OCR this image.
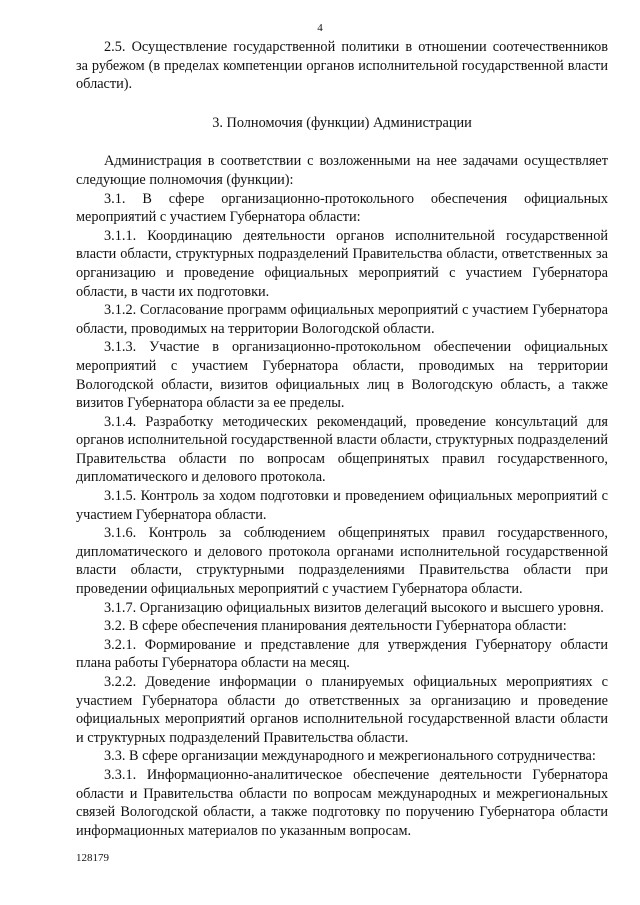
4

2.5. Осуществление государственной политики в отношении соотечественников за рубежом (в пределах компетенции органов исполнительной государственной власти области).

3. Полномочия (функции) Администрации

Администрация в соответствии с возложенными на нее задачами осуществляет следующие полномочия (функции):

3.1. В сфере организационно-протокольного обеспечения официальных мероприятий с участием Губернатора области:

3.1.1. Координацию деятельности органов исполнительной государственной власти области, структурных подразделений Правительства области, ответственных за организацию и проведение официальных мероприятий с участием Губернатора области, в части их подготовки.

3.1.2. Согласование программ официальных мероприятий с участием Губернатора области, проводимых на территории Вологодской области.

3.1.3. Участие в организационно-протокольном обеспечении официальных мероприятий с участием Губернатора области, проводимых на территории Вологодской области, визитов официальных лиц в Вологодскую область, а также визитов Губернатора области за ее пределы.

3.1.4. Разработку методических рекомендаций, проведение консультаций для органов исполнительной государственной власти области, структурных подразделений Правительства области по вопросам общепринятых правил государственного, дипломатического и делового протокола.

3.1.5. Контроль за ходом подготовки и проведением официальных мероприятий с участием Губернатора области.

3.1.6. Контроль за соблюдением общепринятых правил государственного, дипломатического и делового протокола органами исполнительной государственной власти области, структурными подразделениями Правительства области при проведении официальных мероприятий с участием Губернатора области.

3.1.7. Организацию официальных визитов делегаций высокого и высшего уровня.

3.2. В сфере обеспечения планирования деятельности Губернатора области:

3.2.1. Формирование и представление для утверждения Губернатору области плана работы Губернатора области на месяц.

3.2.2. Доведение информации о планируемых официальных мероприятиях с участием Губернатора области до ответственных за организацию и проведение официальных мероприятий органов исполнительной государственной власти области и структурных подразделений Правительства области.

3.3. В сфере организации международного и межрегионального сотрудничества:

3.3.1. Информационно-аналитическое обеспечение деятельности Губернатора области и Правительства области по вопросам международных и межрегиональных связей Вологодской области, а также подготовку по поручению Губернатора области информационных материалов по указанным вопросам.

128179
